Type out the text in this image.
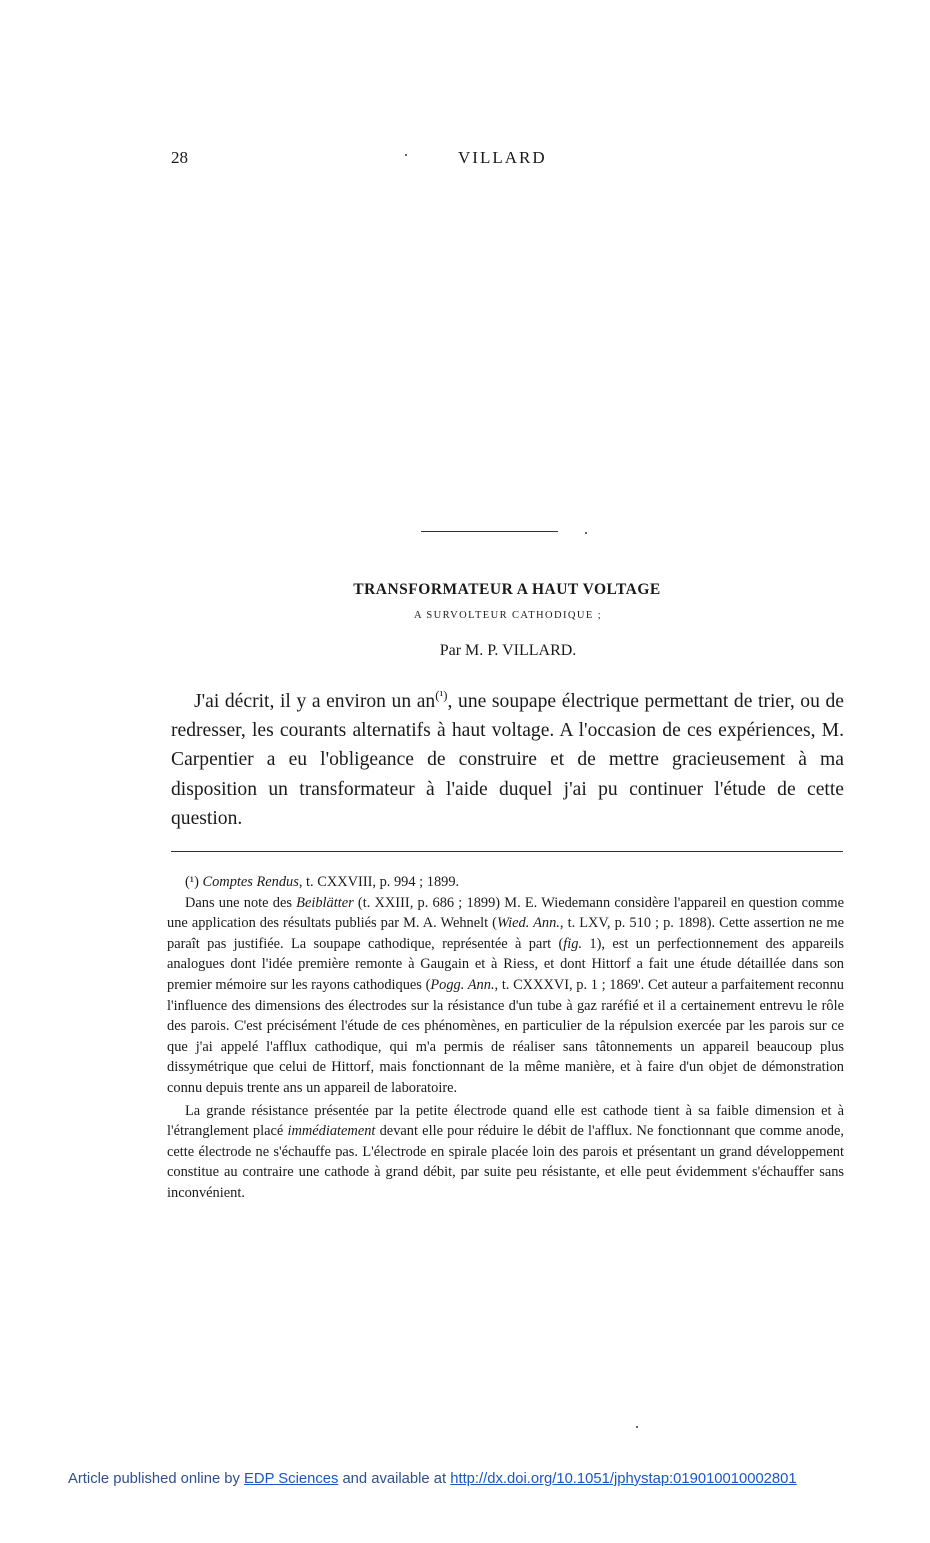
28	VILLARD
TRANSFORMATEUR A HAUT VOLTAGE
A SURVOLTEUR CATHODIQUE ;
Par M. P. VILLARD.

J'ai décrit, il y a environ un $an^{(^1)}$, une soupape électrique permettant de trier, ou de redresser, les courants alternatifs à haut voltage. A l'occasion de ces expériences, M. Carpentier a eu l'obligeance de construire et de mettre gracieusement à ma disposition un transformateur à l'aide duquel j'ai pu continuer l'étude de cette question.

(¹) Comptes Rendus, t. CXXVIII, p. 994 ; 1899.

Dans une note des Beiblätter (t. XXIII, p. 686 ; 1899) M. E. Wiedemann considère l'appareil en question comme une application des résultats publiés par M. A. Wehnelt (Wied. Ann., t. LXV, p. 510 ; p. 1898). Cette assertion ne me paraît pas justifiée. La soupape cathodique, représentée à part (fig. 1), est un perfectionnement des appareils analogues dont l'idée première remonte à Gaugain et à Riess, et dont Hittorf a fait une étude détaillée dans son premier mémoire sur les rayons cathodiques (Pogg. Ann., t. CXXXVI, p. 1 ; 1869'. Cet auteur a parfaitement reconnu l'influence des dimensions des électrodes sur la résistance d'un tube à gaz raréfié et il a certainement entrevu le rôle des parois. C'est précisément l'étude de ces phénomènes, en particulier de la répulsion exercée par les parois sur ce que j'ai appelé l'afflux cathodique, qui m'a permis de réaliser sans tâtonnements un appareil beaucoup plus dissymétrique que celui de Hittorf, mais fonctionnant de la même manière, et à faire d'un objet de démonstration connu depuis trente ans un appareil de laboratoire.

La grande résistance présentée par la petite électrode quand elle est cathode tient à sa faible dimension et à l'étranglement placé immédiatement devant elle pour réduire le débit de l'afflux. Ne fonctionnant que comme anode, cette électrode ne s'échauffe pas. L'électrode en spirale placée loin des parois et présentant un grand développement constitue au contraire une cathode à grand débit, par suite peu résistante, et elle peut évidemment s'échauffer sans inconvénient.

Article published online by EDP Sciences and available at http://dx.doi.org/10.1051/jphystap:019010010002801
